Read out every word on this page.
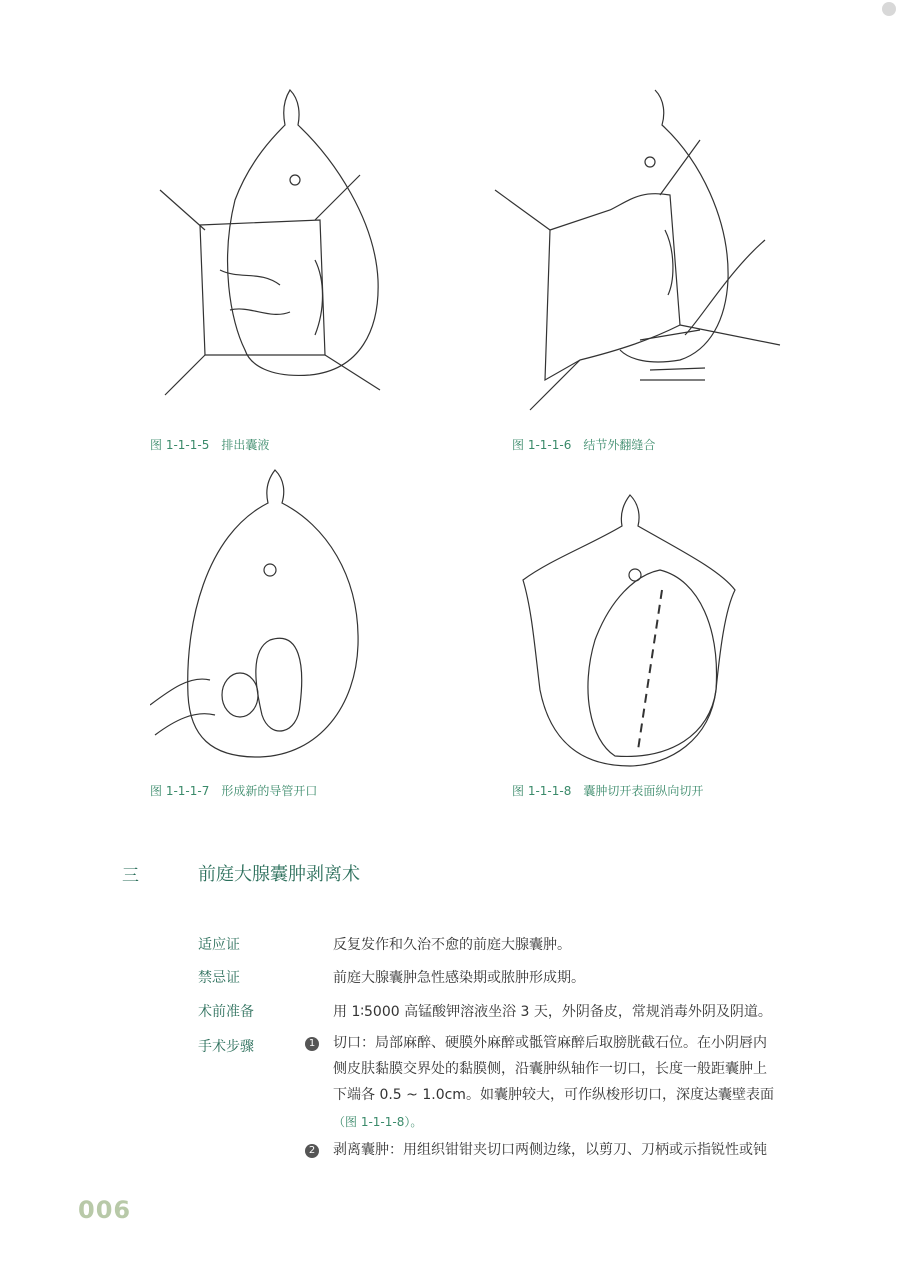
图 1-1-1-5　排出囊液	图 1-1-1-6　结节外翻缝合
图 1-1-1-7　形成新的导管开口	图 1-1-1-8　囊肿切开表面纵向切开
三	前庭大腺囊肿剥离术
适应证	反复发作和久治不愈的前庭大腺囊肿。
禁忌证	前庭大腺囊肿急性感染期或脓肿形成期。
术前准备	用 1∶5000 高锰酸钾溶液坐浴 3 天，外阴备皮，常规消毒外阴及阴道。
手术步骤	1 切口：局部麻醉、硬膜外麻醉或骶管麻醉后取膀胱截石位。在小阴唇内
侧皮肤黏膜交界处的黏膜侧，沿囊肿纵轴作一切口，长度一般距囊肿上
下端各 0.5 ~ 1.0cm。如囊肿较大，可作纵梭形切口，深度达囊壁表面
（图 1-1-1-8）。
2 剥离囊肿：用组织钳钳夹切口两侧边缘，以剪刀、刀柄或示指锐性或钝
006
